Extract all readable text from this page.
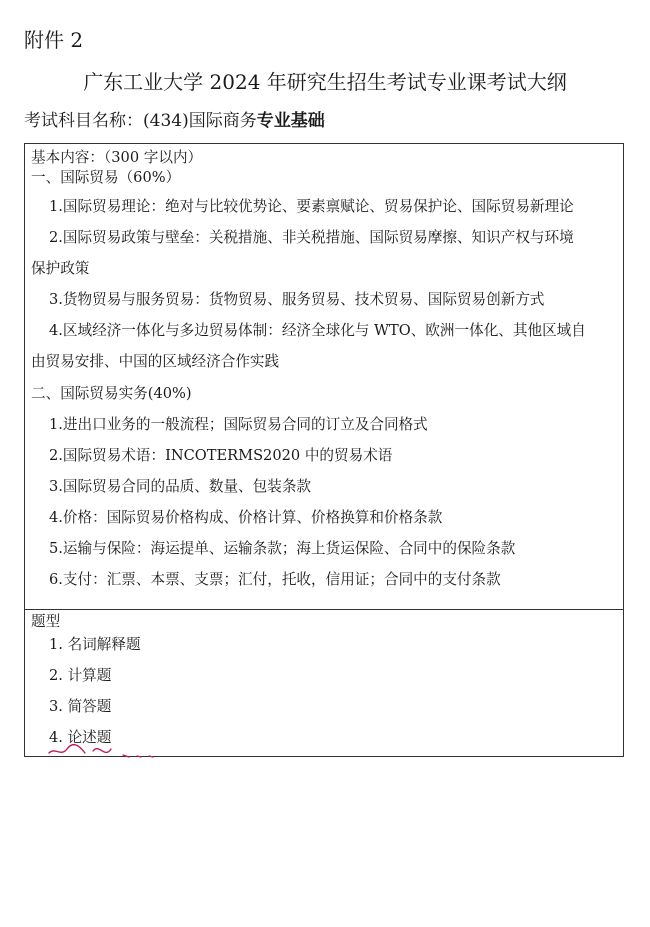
附件 2
广东工业大学 2024 年研究生招生考试专业课考试大纲
考试科目名称：(434)国际商务专业基础
基本内容：（300 字以内）
一、国际贸易（60%）
1.国际贸易理论：绝对与比较优势论、要素禀赋论、贸易保护论、国际贸易新理论
2.国际贸易政策与壁垒：关税措施、非关税措施、国际贸易摩擦、知识产权与环境
保护政策
3.货物贸易与服务贸易：货物贸易、服务贸易、技术贸易、国际贸易创新方式
4.区域经济一体化与多边贸易体制：经济全球化与 WTO、欧洲一体化、其他区域自
由贸易安排、中国的区域经济合作实践
二、国际贸易实务(40%)
1.进出口业务的一般流程；国际贸易合同的订立及合同格式
2.国际贸易术语：INCOTERMS2020 中的贸易术语
3.国际贸易合同的品质、数量、包装条款
4.价格：国际贸易价格构成、价格计算、价格换算和价格条款
5.运输与保险：海运提单、运输条款；海上货运保险、合同中的保险条款
6.支付：汇票、本票、支票；汇付，托收，信用证；合同中的支付条款
题型
1. 名词解释题
2. 计算题
3. 简答题
4. 论述题
